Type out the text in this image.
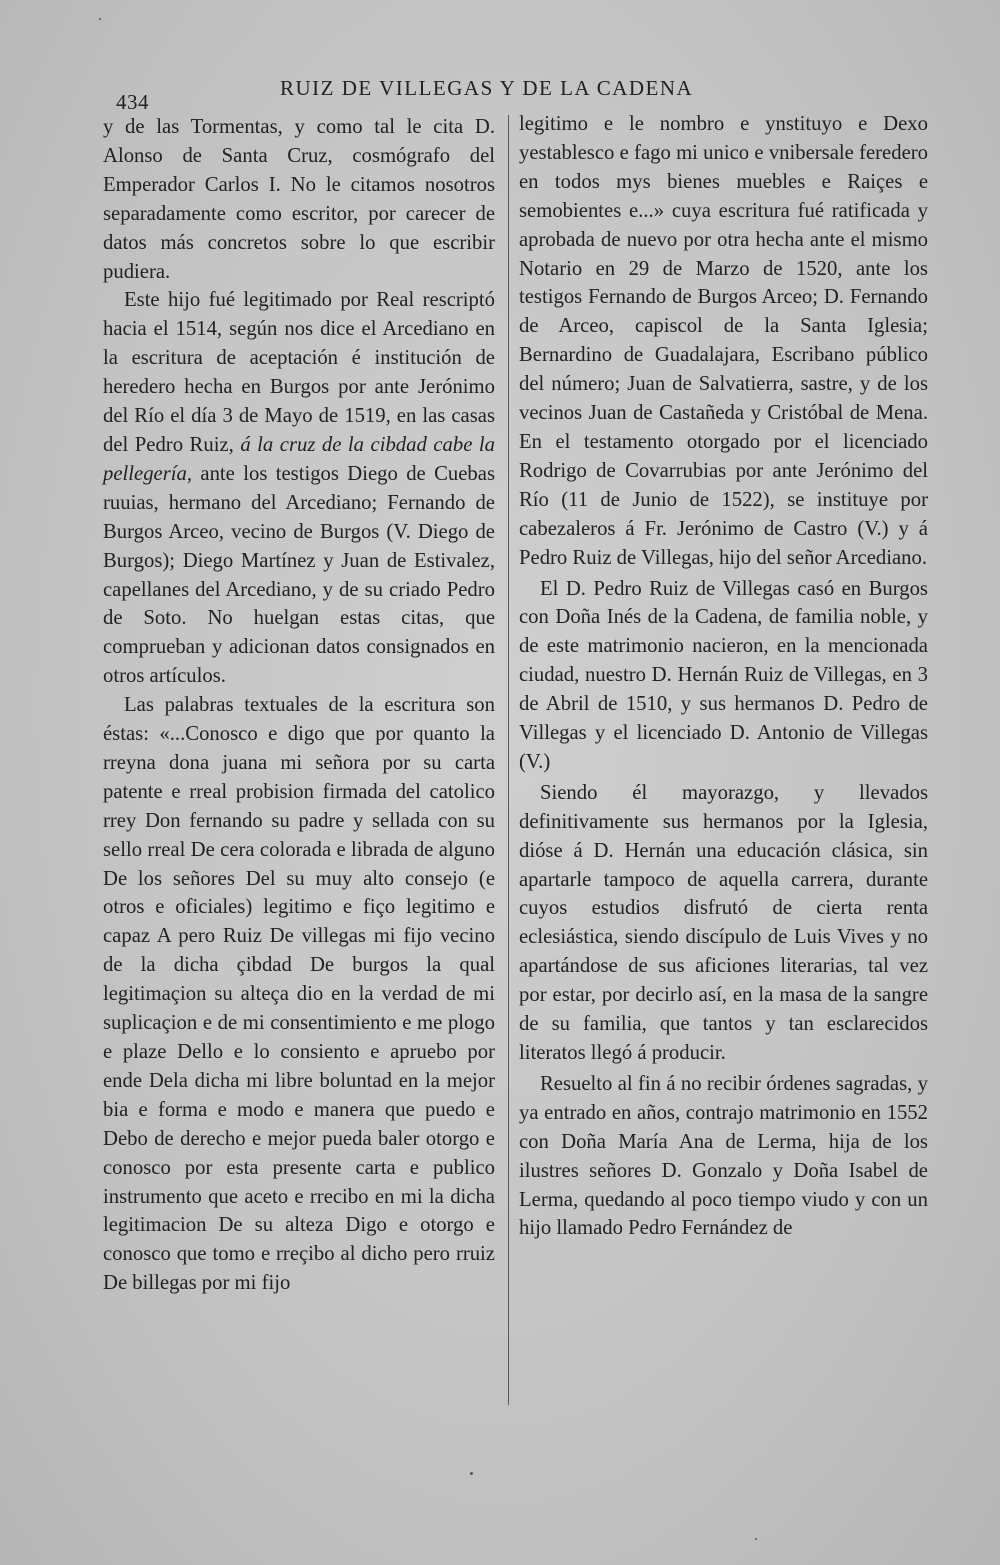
434
RUIZ DE VILLEGAS Y DE LA CADENA

y de las Tormentas, y como tal le cita D. Alonso de Santa Cruz, cosmógrafo del Emperador Carlos I. No le citamos nosotros separadamente como escritor, por carecer de datos más concretos sobre lo que escribir pudiera.

Este hijo fué legitimado por Real rescriptó hacia el 1514, según nos dice el Arcediano en la escritura de aceptación é institución de heredero hecha en Burgos por ante Jerónimo del Río el día 3 de Mayo de 1519, en las casas del Pedro Ruiz, á la cruz de la cibdad cabe la pellegería, ante los testigos Diego de Cuebas ruuias, hermano del Arcediano; Fernando de Burgos Arceo, vecino de Burgos (V. Diego de Burgos); Diego Martínez y Juan de Estivalez, capellanes del Arcediano, y de su criado Pedro de Soto. No huelgan estas citas, que comprueban y adicionan datos consignados en otros artículos.

Las palabras textuales de la escritura son éstas: «...Conosco e digo que por quanto la rreyna dona juana mi señora por su carta patente e rreal probision firmada del catolico rrey Don fernando su padre y sellada con su sello rreal De cera colorada e librada de alguno De los señores Del su muy alto consejo (e otros e oficiales) legitimo e fiço legitimo e capaz A pero Ruiz De villegas mi fijo vecino de la dicha çibdad De burgos la qual legitimaçion su alteça dio en la verdad de mi suplicaçion e de mi consentimiento e me plogo e plaze Dello e lo consiento e apruebo por ende Dela dicha mi libre boluntad en la mejor bia e forma e modo e manera que puedo e Debo de derecho e mejor pueda baler otorgo e conosco por esta presente carta e publico instrumento que aceto e rrecibo en mi la dicha legitimacion De su alteza Digo e otorgo e conosco que tomo e rreçibo al dicho pero rruiz De billegas por mi fijo

legitimo e le nombro e ynstituyo e Dexo yestablesco e fago mi unico e vnibersale feredero en todos mys bienes muebles e Raiçes e semobientes e...» cuya escritura fué ratificada y aprobada de nuevo por otra hecha ante el mismo Notario en 29 de Marzo de 1520, ante los testigos Fernando de Burgos Arceo; D. Fernando de Arceo, capiscol de la Santa Iglesia; Bernardino de Guadalajara, Escribano público del número; Juan de Salvatierra, sastre, y de los vecinos Juan de Castañeda y Cristóbal de Mena. En el testamento otorgado por el licenciado Rodrigo de Covarrubias por ante Jerónimo del Río (11 de Junio de 1522), se instituye por cabezaleros á Fr. Jerónimo de Castro (V.) y á Pedro Ruiz de Villegas, hijo del señor Arcediano.

El D. Pedro Ruiz de Villegas casó en Burgos con Doña Inés de la Cadena, de familia noble, y de este matrimonio nacieron, en la mencionada ciudad, nuestro D. Hernán Ruiz de Villegas, en 3 de Abril de 1510, y sus hermanos D. Pedro de Villegas y el licenciado D. Antonio de Villegas (V.)

Siendo él mayorazgo, y llevados definitivamente sus hermanos por la Iglesia, dióse á D. Hernán una educación clásica, sin apartarle tampoco de aquella carrera, durante cuyos estudios disfrutó de cierta renta eclesiástica, siendo discípulo de Luis Vives y no apartándose de sus aficiones literarias, tal vez por estar, por decirlo así, en la masa de la sangre de su familia, que tantos y tan esclarecidos literatos llegó á producir.

Resuelto al fin á no recibir órdenes sagradas, y ya entrado en años, contrajo matrimonio en 1552 con Doña María Ana de Lerma, hija de los ilustres señores D. Gonzalo y Doña Isabel de Lerma, quedando al poco tiempo viudo y con un hijo llamado Pedro Fernández de
